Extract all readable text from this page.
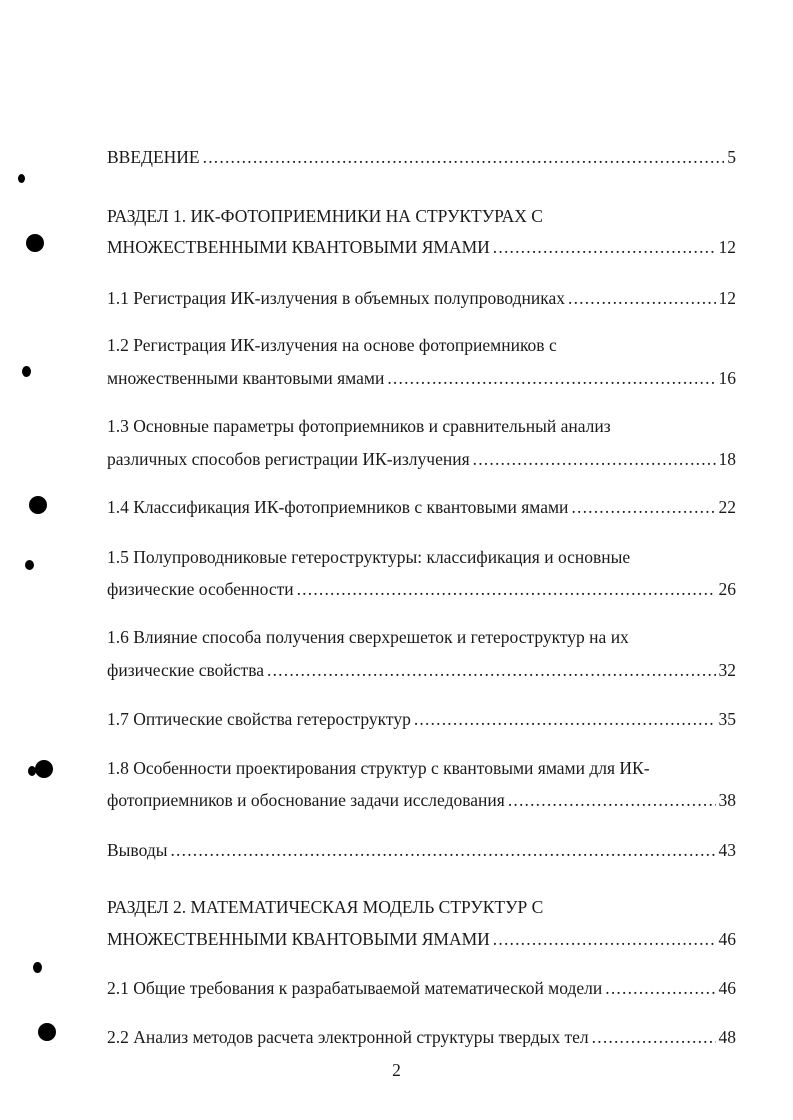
ВВЕДЕНИЕ .....	5
РАЗДЕЛ 1. ИК-ФОТОПРИЕМНИКИ НА СТРУКТУРАХ С
МНОЖЕСТВЕННЫМИ КВАНТОВЫМИ ЯМАМИ .....	12
1.1 Регистрация ИК-излучения в объемных полупроводниках .....	12
1.2 Регистрация ИК-излучения на основе фотоприемников с
множественными квантовыми ямами .....	16
1.3 Основные параметры фотоприемников и сравнительный анализ
различных способов регистрации ИК-излучения .....	18
1.4 Классификация ИК-фотоприемников с квантовыми ямами .....	22
1.5 Полупроводниковые гетероструктуры: классификация и основные
физические особенности .....	26
1.6 Влияние способа получения сверхрешеток и гетероструктур на их
физические свойства .....	32
1.7 Оптические свойства гетероструктур .....	35
1.8 Особенности проектирования структур с квантовыми ямами для ИК-
фотоприемников и обоснование задачи исследования .....	38
Выводы .....	43
РАЗДЕЛ 2. МАТЕМАТИЧЕСКАЯ МОДЕЛЬ СТРУКТУР С
МНОЖЕСТВЕННЫМИ КВАНТОВЫМИ ЯМАМИ .....	46
2.1 Общие требования к разрабатываемой математической модели .....	46
2.2 Анализ методов расчета электронной структуры твердых тел .....	48
2
